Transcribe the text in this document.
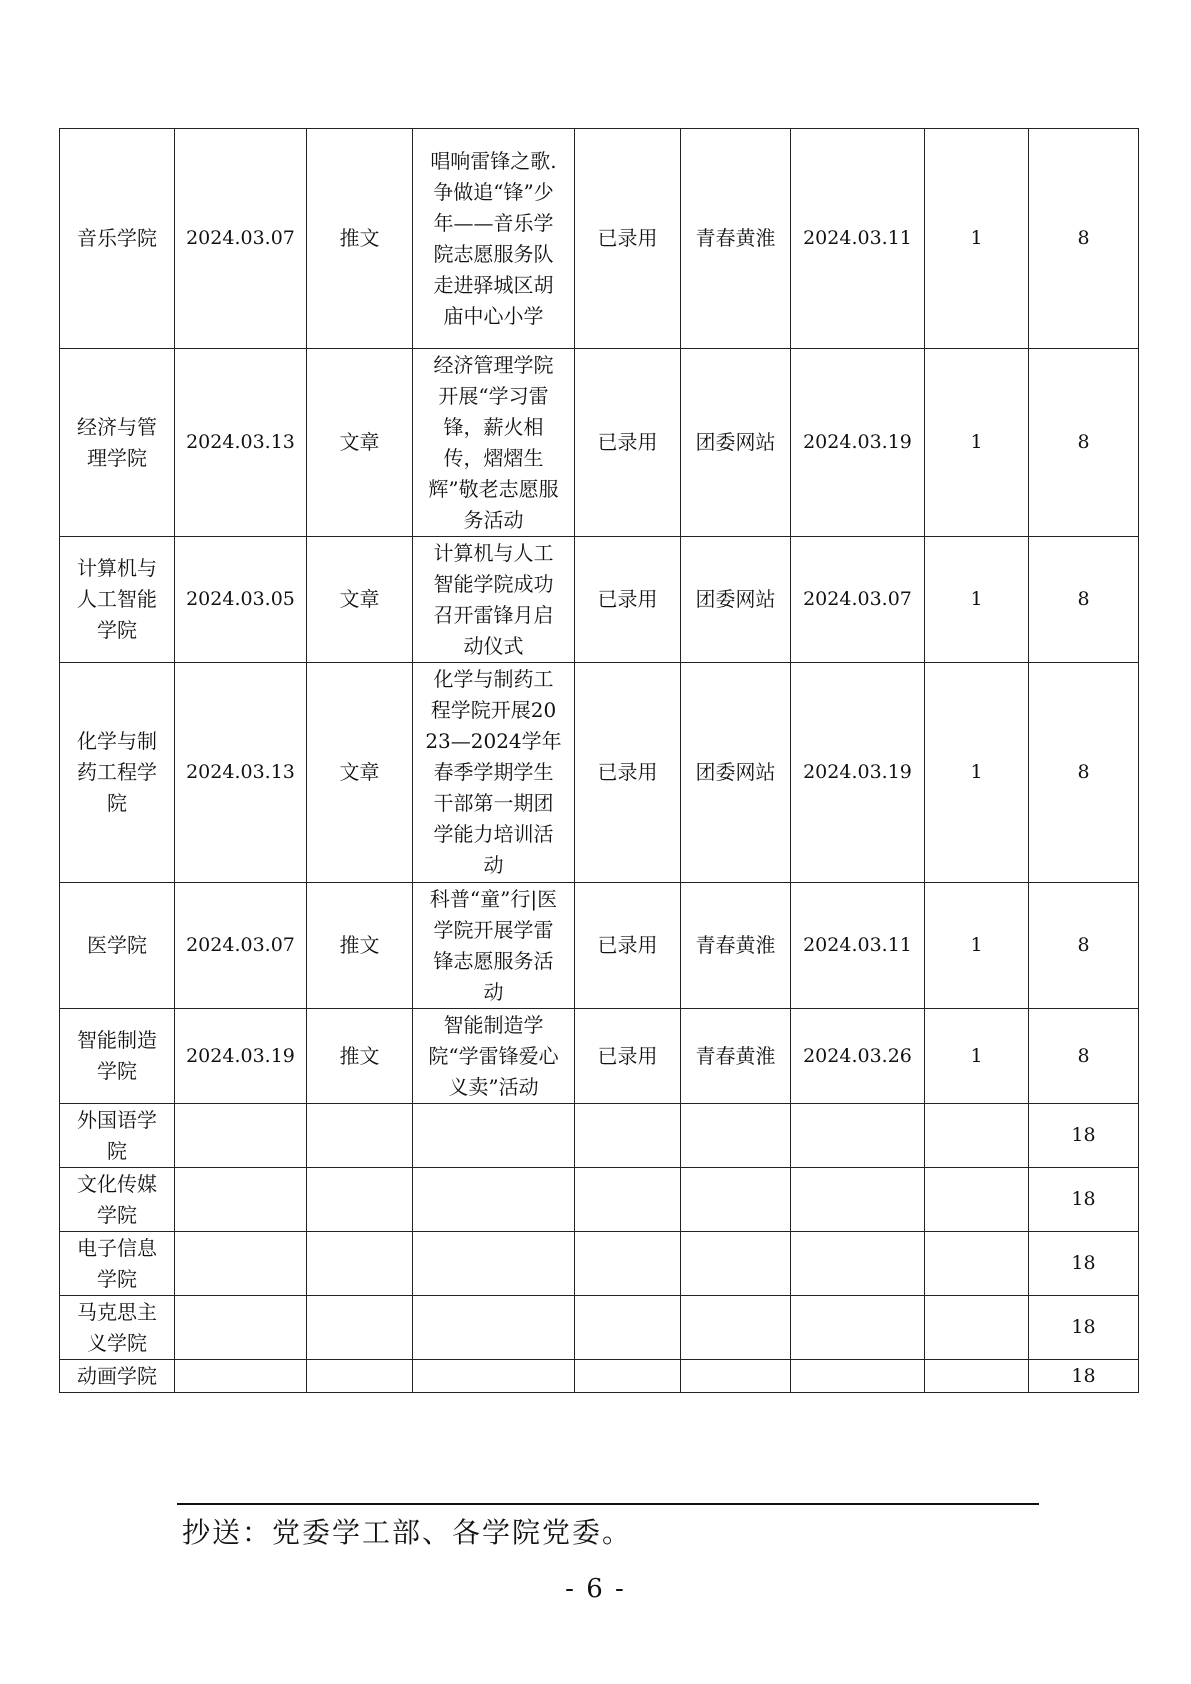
音乐学院	2024.03.07	推文	唱响雷锋之歌.争做追“锋”少年——音乐学院志愿服务队走进驿城区胡庙中心小学	已录用	青春黄淮	2024.03.11	1	8
经济与管理学院	2024.03.13	文章	经济管理学院开展“学习雷锋，薪火相传，熠熠生辉”敬老志愿服务活动	已录用	团委网站	2024.03.19	1	8
计算机与人工智能学院	2024.03.05	文章	计算机与人工智能学院成功召开雷锋月启动仪式	已录用	团委网站	2024.03.07	1	8
化学与制药工程学院	2024.03.13	文章	化学与制药工程学院开展2023—2024学年 春季学期学生干部第一期团学能力培训活动	已录用	团委网站	2024.03.19	1	8
医学院	2024.03.07	推文	科普“童”行|医学院开展学雷锋志愿服务活动	已录用	青春黄淮	2024.03.11	1	8
智能制造学院	2024.03.19	推文	智能制造学院“学雷锋爱心义卖”活动	已录用	青春黄淮	2024.03.26	1	8
外国语学院								18
文化传媒学院								18
电子信息学院								18
马克思主义学院								18
动画学院								18
抄送：党委学工部、各学院党委。
- 6 -
